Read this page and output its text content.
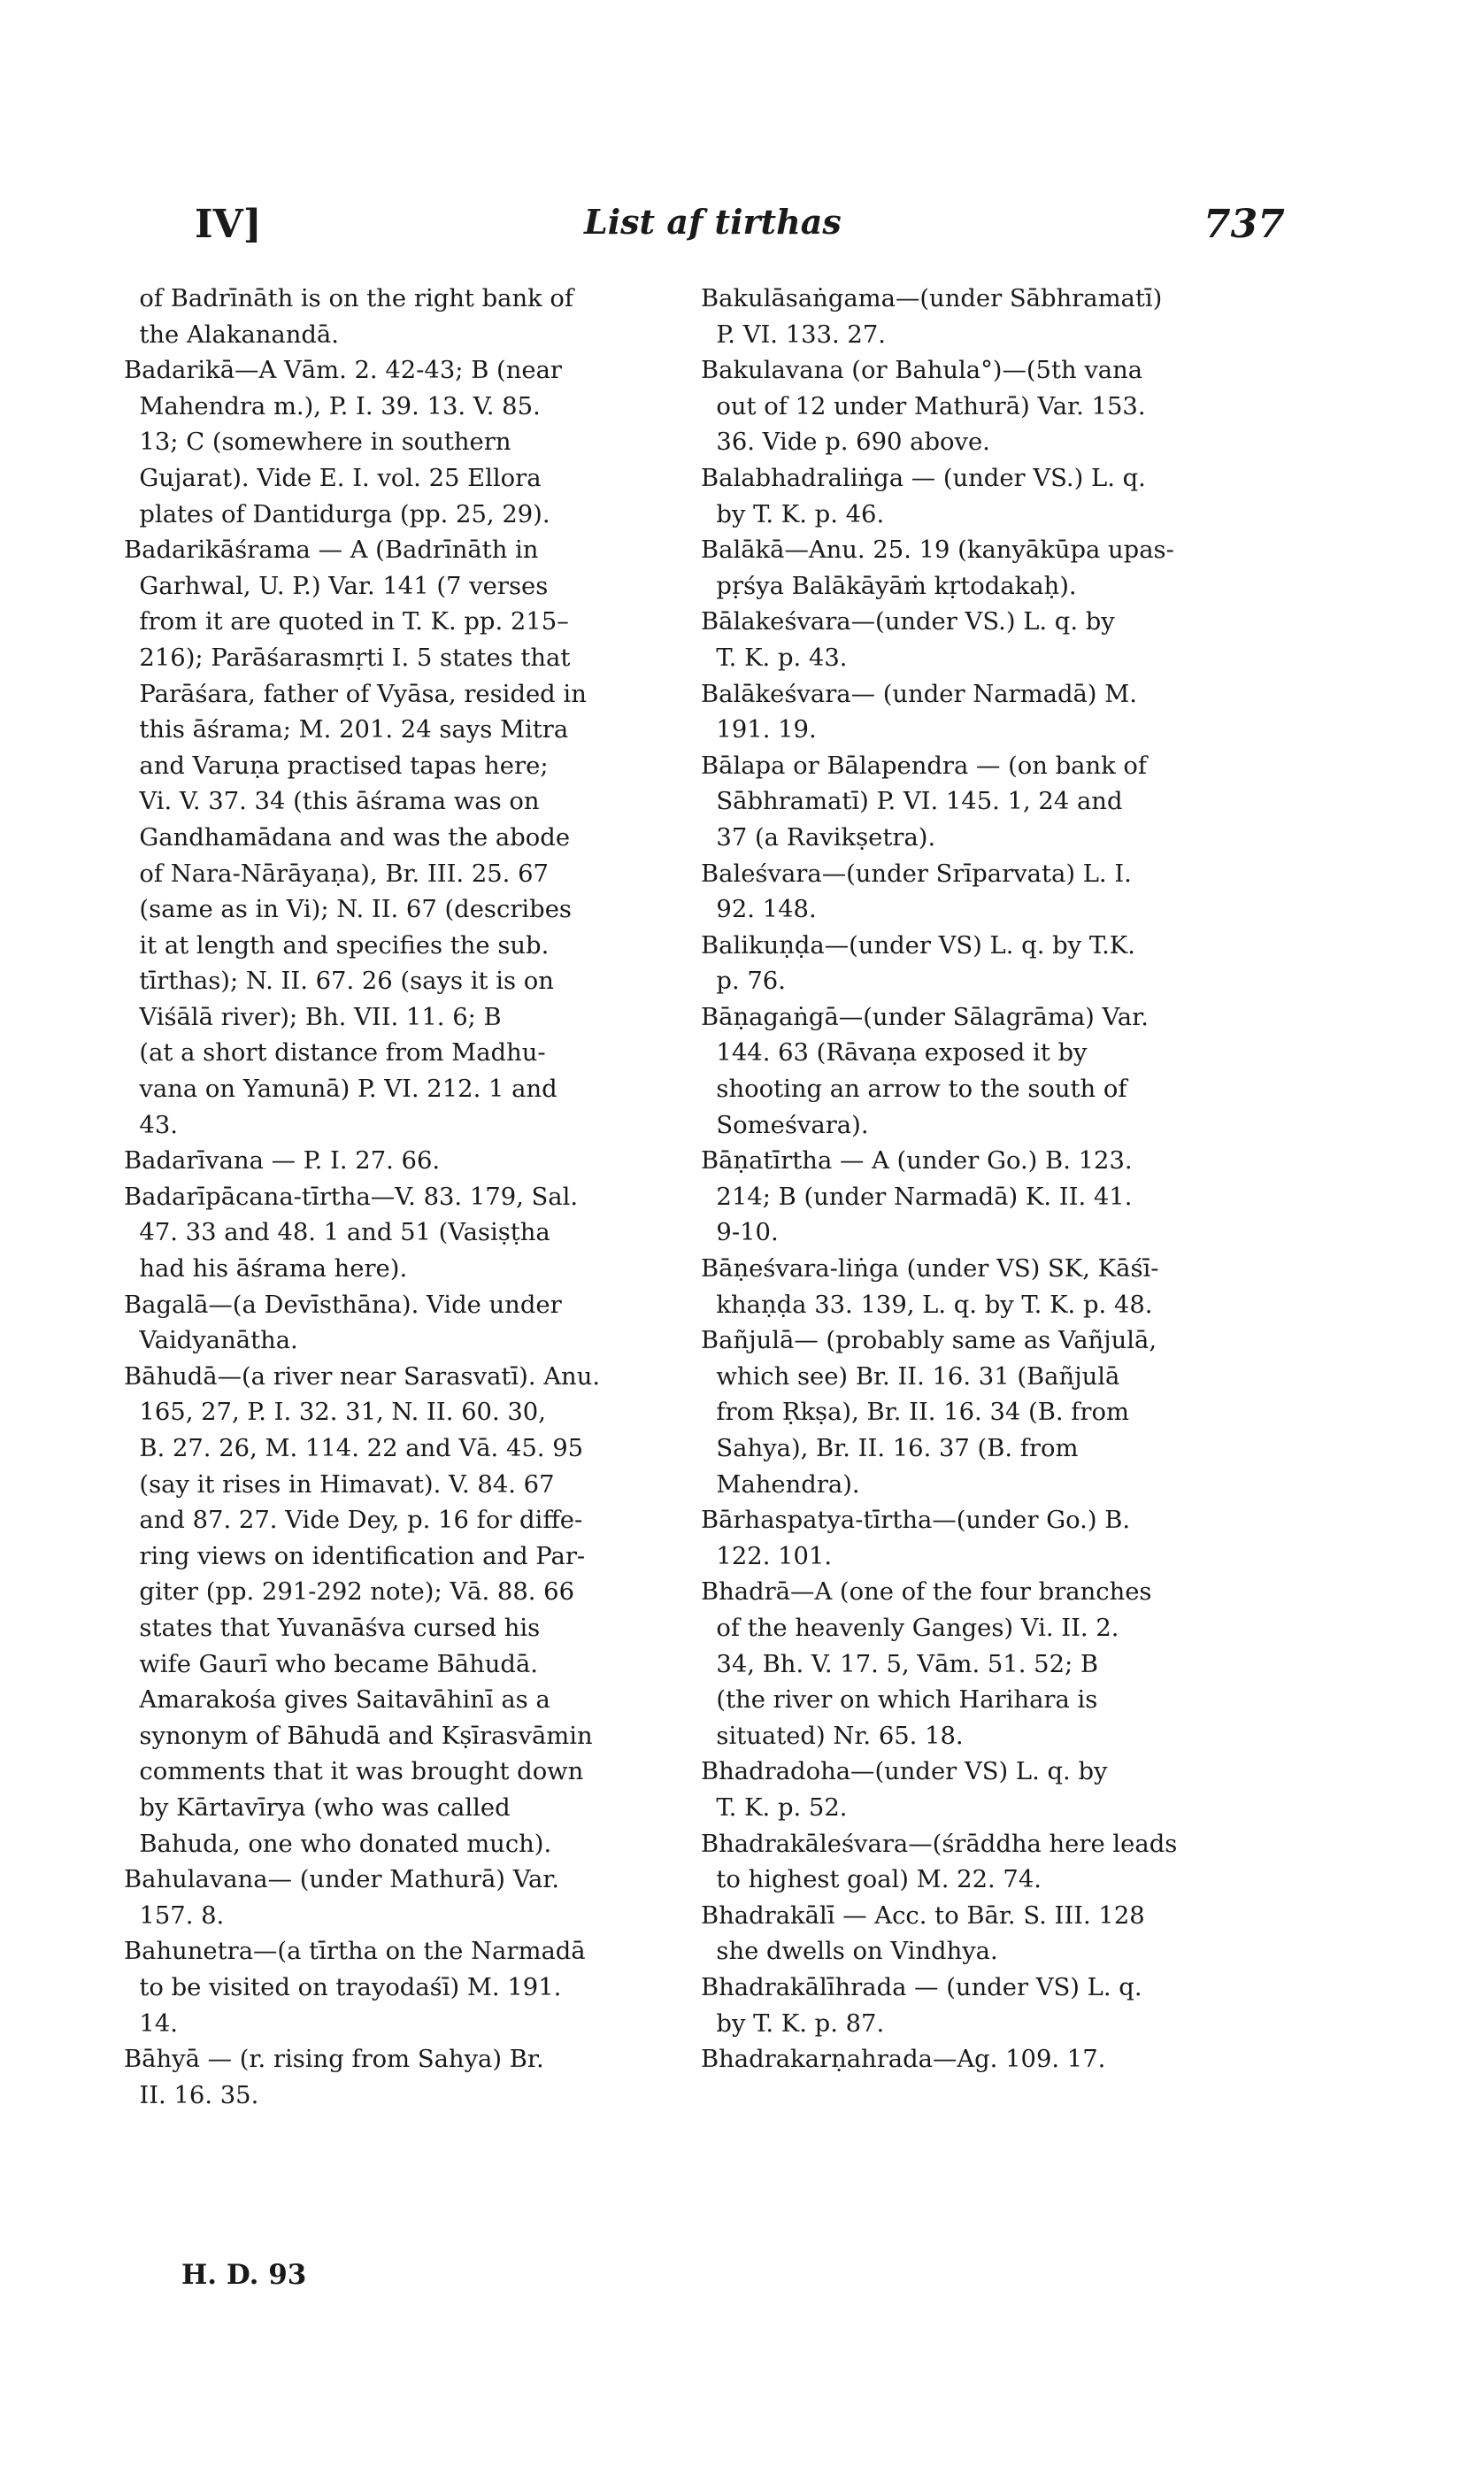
IV]	List af tirthas	737
of Badrīnāth is on the right bank of
the Alakanandā.
Badarikā—A Vām. 2. 42-43; B (near
Mahendra m.), P. I. 39. 13. V. 85.
13; C (somewhere in southern
Gujarat). Vide E. I. vol. 25 Ellora
plates of Dantidurga (pp. 25, 29).
Badarikāśrama — A (Badrīnāth in
Garhwal, U. P.) Var. 141 (7 verses
from it are quoted in T. K. pp. 215–
216); Parāśarasmṛti I. 5 states that
Parāśara, father of Vyāsa, resided in
this āśrama; M. 201. 24 says Mitra
and Varuṇa practised tapas here;
Vi. V. 37. 34 (this āśrama was on
Gandhamādana and was the abode
of Nara-Nārāyaṇa), Br. III. 25. 67
(same as in Vi); N. II. 67 (describes
it at length and specifies the sub.
tīrthas); N. II. 67. 26 (says it is on
Viśālā river); Bh. VII. 11. 6; B
(at a short distance from Madhu-
vana on Yamunā) P. VI. 212. 1 and
43.
Badarīvana — P. I. 27. 66.
Badarīpācana-tīrtha—V. 83. 179, Sal.
47. 33 and 48. 1 and 51 (Vasiṣṭha
had his āśrama here).
Bagalā—(a Devīsthāna). Vide under
Vaidyanātha.
Bāhudā—(a river near Sarasvatī). Anu.
165, 27, P. I. 32. 31, N. II. 60. 30,
B. 27. 26, M. 114. 22 and Vā. 45. 95
(say it rises in Himavat). V. 84. 67
and 87. 27. Vide Dey, p. 16 for diffe-
ring views on identification and Par-
giter (pp. 291-292 note); Vā. 88. 66
states that Yuvanāśva cursed his
wife Gaurī who became Bāhudā.
Amarakośa gives Saitavāhinī as a
synonym of Bāhudā and Kṣīrasvāmin
comments that it was brought down
by Kārtavīrya (who was called
Bahuda, one who donated much).
Bahulavana— (under Mathurā) Var.
157. 8.
Bahunetra—(a tīrtha on the Narmadā
to be visited on trayodaśī) M. 191.
14.
Bāhyā — (r. rising from Sahya) Br.
II. 16. 35.
Bakulāsaṅgama—(under Sābhramatī)
P. VI. 133. 27.
Bakulavana (or Bahula°)—(5th vana
out of 12 under Mathurā) Var. 153.
36. Vide p. 690 above.
Balabhadraliṅga — (under VS.) L. q.
by T. K. p. 46.
Balākā—Anu. 25. 19 (kanyākūpa upas-
pṛśya Balākāyāṁ kṛtodakaḥ).
Bālakeśvara—(under VS.) L. q. by
T. K. p. 43.
Balākeśvara— (under Narmadā) M.
191. 19.
Bālapa or Bālapendra — (on bank of
Sābhramatī) P. VI. 145. 1, 24 and
37 (a Ravikṣetra).
Baleśvara—(under Srīparvata) L. I.
92. 148.
Balikuṇḍa—(under VS) L. q. by T.K.
p. 76.
Bāṇagaṅgā—(under Sālagrāma) Var.
144. 63 (Rāvaṇa exposed it by
shooting an arrow to the south of
Someśvara).
Bāṇatīrtha — A (under Go.) B. 123.
214; B (under Narmadā) K. II. 41.
9-10.
Bāṇeśvara-liṅga (under VS) SK, Kāśī-
khaṇḍa 33. 139, L. q. by T. K. p. 48.
Bañjulā— (probably same as Vañjulā,
which see) Br. II. 16. 31 (Bañjulā
from Ṛkṣa), Br. II. 16. 34 (B. from
Sahya), Br. II. 16. 37 (B. from
Mahendra).
Bārhaspatya-tīrtha—(under Go.) B.
122. 101.
Bhadrā—A (one of the four branches
of the heavenly Ganges) Vi. II. 2.
34, Bh. V. 17. 5, Vām. 51. 52; B
(the river on which Harihara is
situated) Nr. 65. 18.
Bhadradoha—(under VS) L. q. by
T. K. p. 52.
Bhadrakāleśvara—(śrāddha here leads
to highest goal) M. 22. 74.
Bhadrakālī — Acc. to Bār. S. III. 128
she dwells on Vindhya.
Bhadrakālīhrada — (under VS) L. q.
by T. K. p. 87.
Bhadrakarṇahrada—Ag. 109. 17.
H. D. 93
